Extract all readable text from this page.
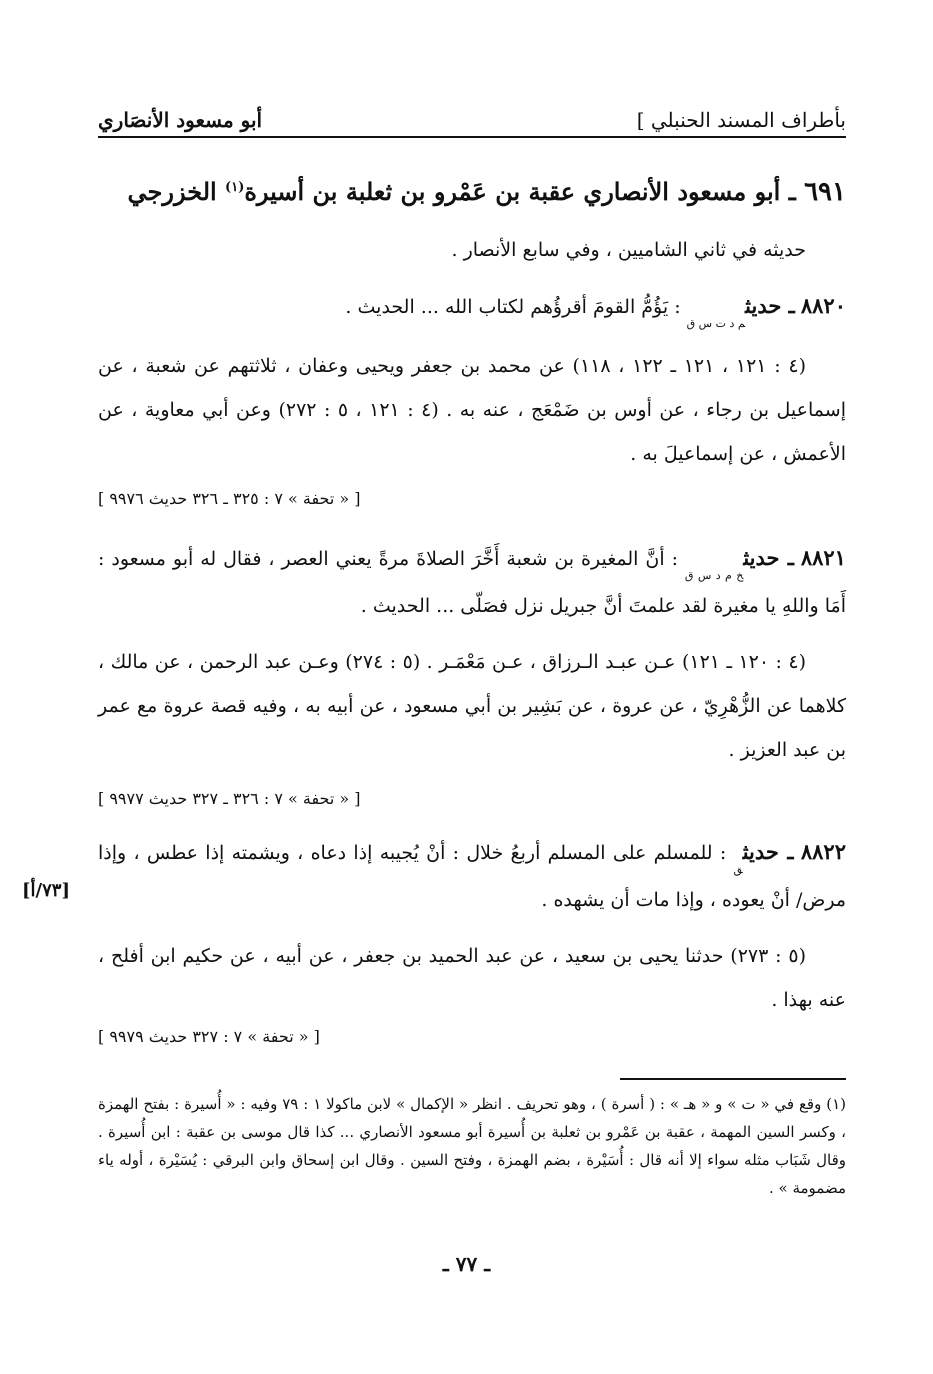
بأطراف المسند الحنبلي ]
أبو مسعود الأنصَاري
٦٩١ ـ أبو مسعود الأنصاري عقبة بن عَمْرو بن ثعلبة بن أسيرة$^{(١)}$ الخزرجي
حديثه في ثاني الشاميين ، وفي سابع الأنصار .
٨٨٢٠ ـ حديث$_{م د ت س ق}$ : يَؤُمُّ القومَ أقرؤُهم لكتاب الله ... الحديث .
(٤ : ١٢١ ، ١٢١ ـ ١٢٢ ، ١١٨) عن محمد بن جعفر ويحيى وعفان ، ثلاثتهم عن شعبة ، عن إسماعيل بن رجاء ، عن أوس بن ضَمْعَج ، عنه به . (٤ : ١٢١ ، ٥ : ٢٧٢) وعن أبي معاوية ، عن الأعمش ، عن إسماعيلَ به .
[ « تحفة » ٧ : ٣٢٥ ـ ٣٢٦ حديث ٩٩٧٦ ]
٨٨٢١ ـ حديث$_{خ م د س ق}$ : أنَّ المغيرة بن شعبة أَخَّرَ الصلاةَ مرةً يعني العصر ، فقال له أبو مسعود : أَمَا واللهِ يا مغيرة لقد علمتَ أنَّ جبريل نزل فصَلّى ... الحديث .
(٤ : ١٢٠ ـ ١٢١) عـن عبـد الـرزاق ، عـن مَعْمَـر . (٥ : ٢٧٤) وعـن عبد الرحمن ، عن مالك ، كلاهما عن الزُّهْرِيّ ، عن عروة ، عن بَشِير بن أبي مسعود ، عن أبيه به ، وفيه قصة عروة مع عمر بن عبد العزيز .
[ « تحفة » ٧ : ٣٢٦ ـ ٣٢٧ حديث ٩٩٧٧ ]
٨٨٢٢ ـ حديث$_ق$ : للمسلم على المسلم أربعُ خلال : أنْ يُجيبه إذا دعاه ، ويشمته إذا عطس ، وإذا مرض/ أنْ يعوده ، وإذا مات أن يشهده .
[٧٣/أ]
(٥ : ٢٧٣) حدثنا يحيى بن سعيد ، عن عبد الحميد بن جعفر ، عن أبيه ، عن حكيم ابن أفلح ، عنه بهذا .
[ « تحفة » ٧ : ٣٢٧ حديث ٩٩٧٩ ]
(١) وقع في « ت » و « هـ » : ( أسرة ) ، وهو تحريف . انظر « الإكمال » لابن ماكولا ١ : ٧٩ وفيه : « أُسيرة : بفتح الهمزة ، وكسر السين المهمة ، عقبة بن عَمْرو بن ثعلبة بن أُسيرة أبو مسعود الأنصاري ... كذا قال موسى بن عقبة : ابن أُسيرة . وقال شَبَاب مثله سواء إلا أنه قال : أُسَيْرة ، بضم الهمزة ، وفتح السين . وقال ابن إسحاق وابن البرقي : يُسَيْرة ، أوله ياء مضمومة » .
ـ ٧٧ ـ
